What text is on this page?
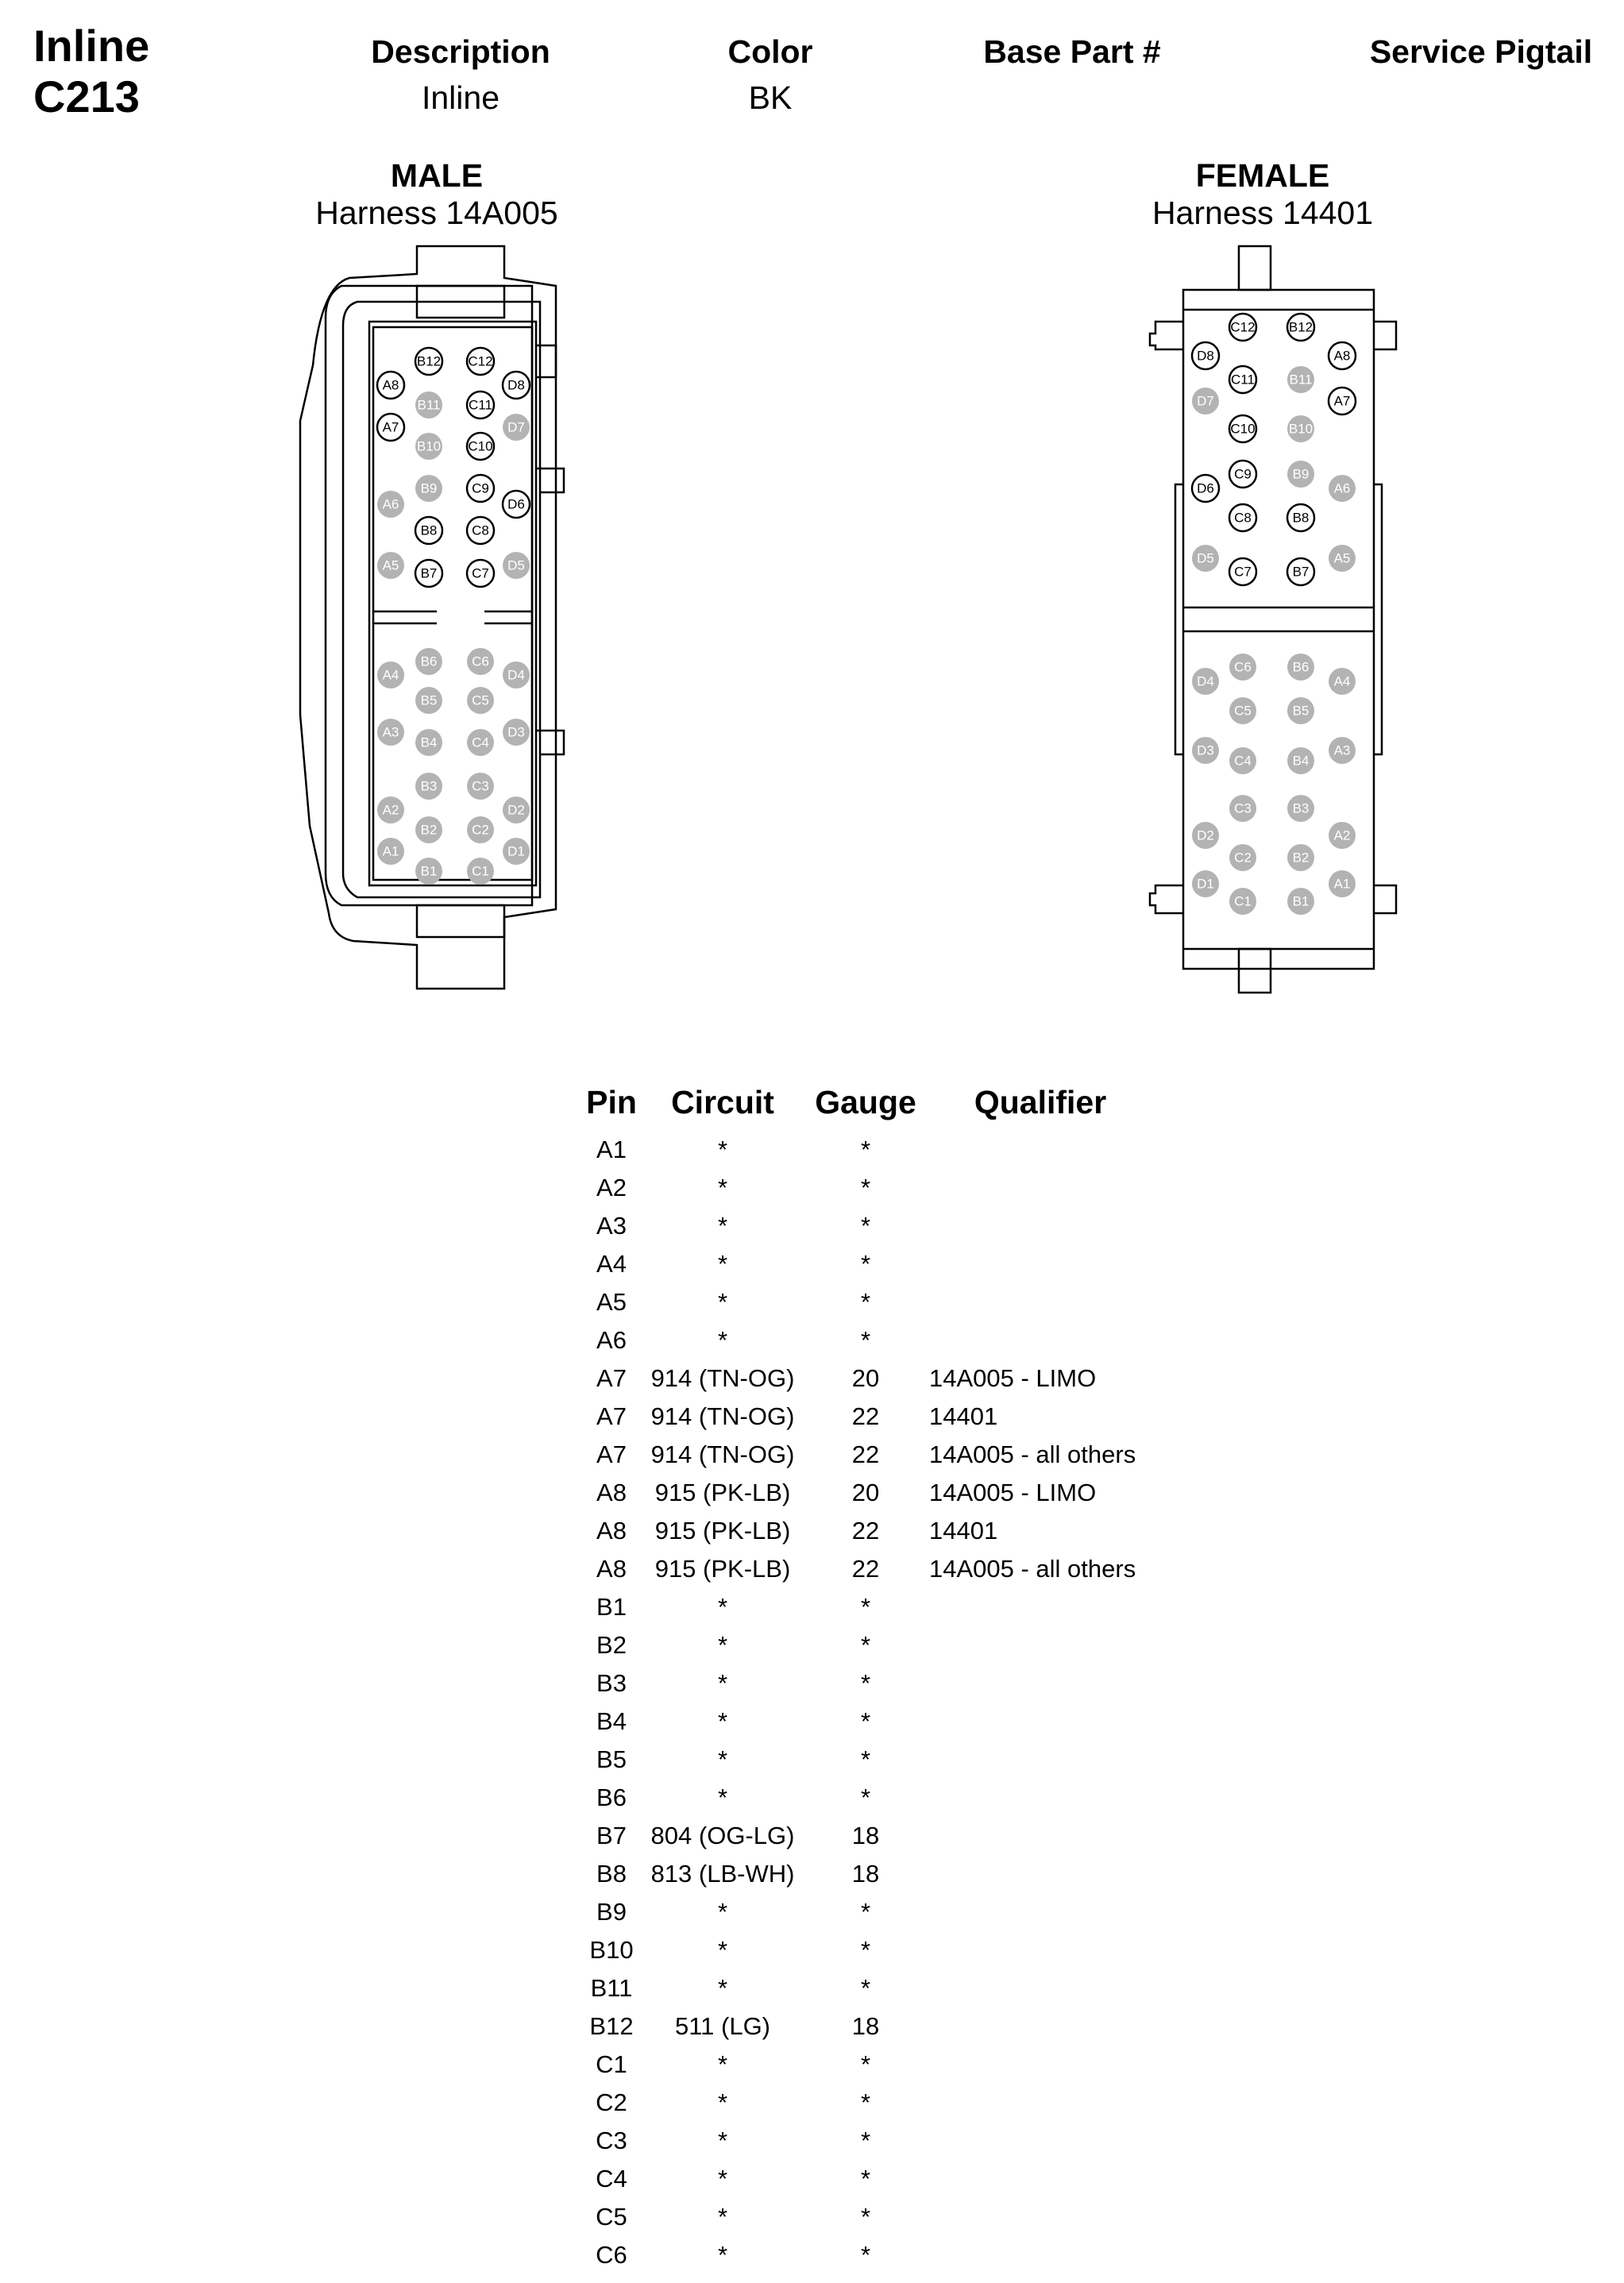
Inline
C213
Description
Inline
Color
BK
Base Part #	Service Pigtail
MALE
Harness 14A005
FEMALE
Harness 14401
B12 C12
A8	D8
C11
A7
C10
C9
D6
B8	C8
B7	C7
B11
D7
B10
A6
B9
A5	D5
B6	C6
A4	D4
B5	C5
A3
B4	C4
D3
B3	C3
A2
B2	C2
D2
A1
B1	C1
D1
C12 B12
D8	A8
C11
A7
C10
D6
C9
C8	B8
C7	B7
D7
B11
B10
B9
A6
D5	A5
C6	B6
D4	A4
C5	B5
D3
C4	B4
A3
C3	B3
D2	A2
C2	B2
D1	A1
C1	B1
Pin	Circuit	Gauge	Qualifier
A1	*	*
A2	*	*
A3	*	*
A4	*	*
A5	*	*
A6	*	*
A7 914 (TN-OG)	20	14A005 - LIMO
A7 914 (TN-OG)	22	14401
A7 914 (TN-OG)	22	14A005 - all others
A8	915 (PK-LB)	20	14A005 - LIMO
A8	915 (PK-LB)	22	14401
A8	915 (PK-LB)	22	14A005 - all others
B1	*	*
B2	*	*
B3	*	*
B4	*	*
B5	*	*
B6	*	*
B7 804 (OG-LG)	18
B8 813 (LB-WH)	18
B9	*	*
B10	*	*
B11	*	*
B12	511 (LG)	18
C1	*	*
C2	*	*
C3	*	*
C4	*	*
C5	*	*
C6	*	*
